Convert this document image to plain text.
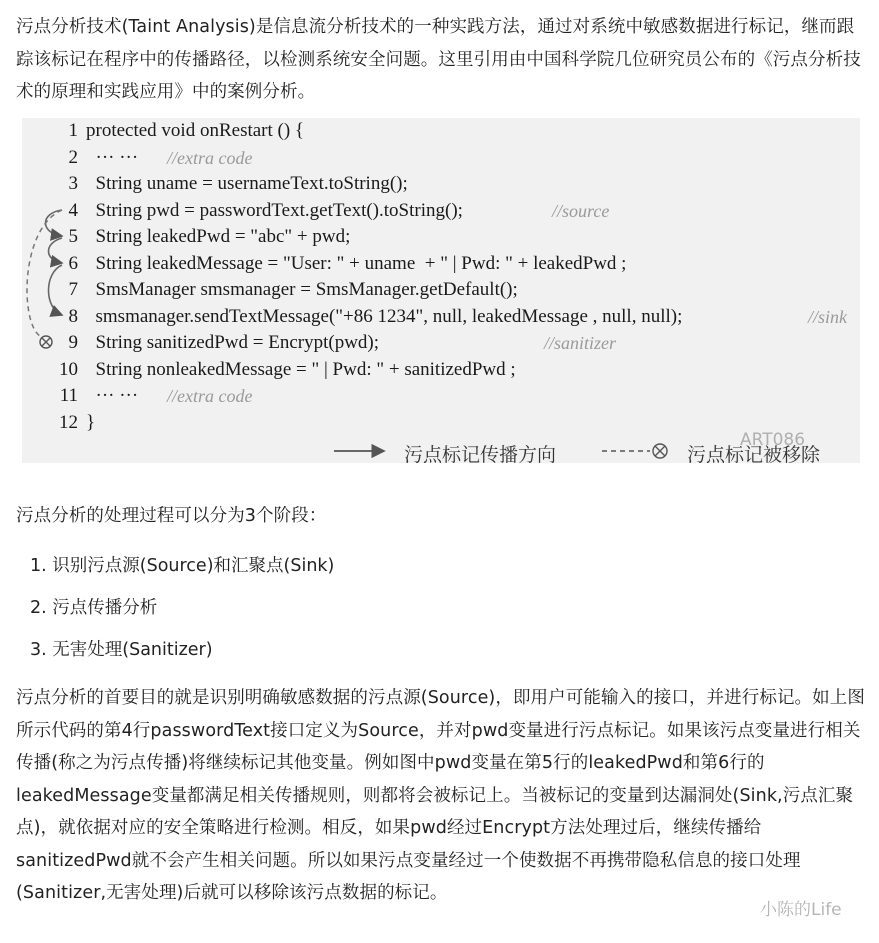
污点分析技术(Taint Analysis)是信息流分析技术的一种实践方法，通过对系统中敏感数据进行标记，继而跟踪该标记在程序中的传播路径，以检测系统安全问题。这里引用由中国科学院几位研究员公布的《污点分析技术的原理和实践应用》中的案例分析。

污点标记传播方向	污点标记被移除
ART086
1 protected void onRestart () {
2 ··· ··· //extra code
3 String uname = usernameText.toString();
4 String pwd = passwordText.getText().toString();	//source
5 String leakedPwd = "abc" + pwd;
6 String leakedMessage = "User: " + uname  + " | Pwd: " + leakedPwd ;
7 SmsManager smsmanager = SmsManager.getDefault();
8 smsmanager.sendTextMessage("+86 1234", null, leakedMessage , null, null);	//sink
9 String sanitizedPwd = Encrypt(pwd);	//sanitizer
10 String nonleakedMessage = " | Pwd: " + sanitizedPwd ;
11 ··· ··· //extra code
12 }

污点分析的处理过程可以分为3个阶段：

1. 识别污点源(Source)和汇聚点(Sink)
2. 污点传播分析
3. 无害处理(Sanitizer)

污点分析的首要目的就是识别明确敏感数据的污点源(Source)，即用户可能输入的接口，并进行标记。如上图所示代码的第4行passwordText接口定义为Source，并对pwd变量进行污点标记。如果该污点变量进行相关传播(称之为污点传播)将继续标记其他变量。例如图中pwd变量在第5行的leakedPwd和第6行的leakedMessage变量都满足相关传播规则，则都将会被标记上。当被标记的变量到达漏洞处(Sink,污点汇聚点)，就依据对应的安全策略进行检测。相反，如果pwd经过Encrypt方法处理过后，继续传播给sanitizedPwd就不会产生相关问题。所以如果污点变量经过一个使数据不再携带隐私信息的接口处理(Sanitizer,无害处理)后就可以移除该污点数据的标记。

小陈的Life
